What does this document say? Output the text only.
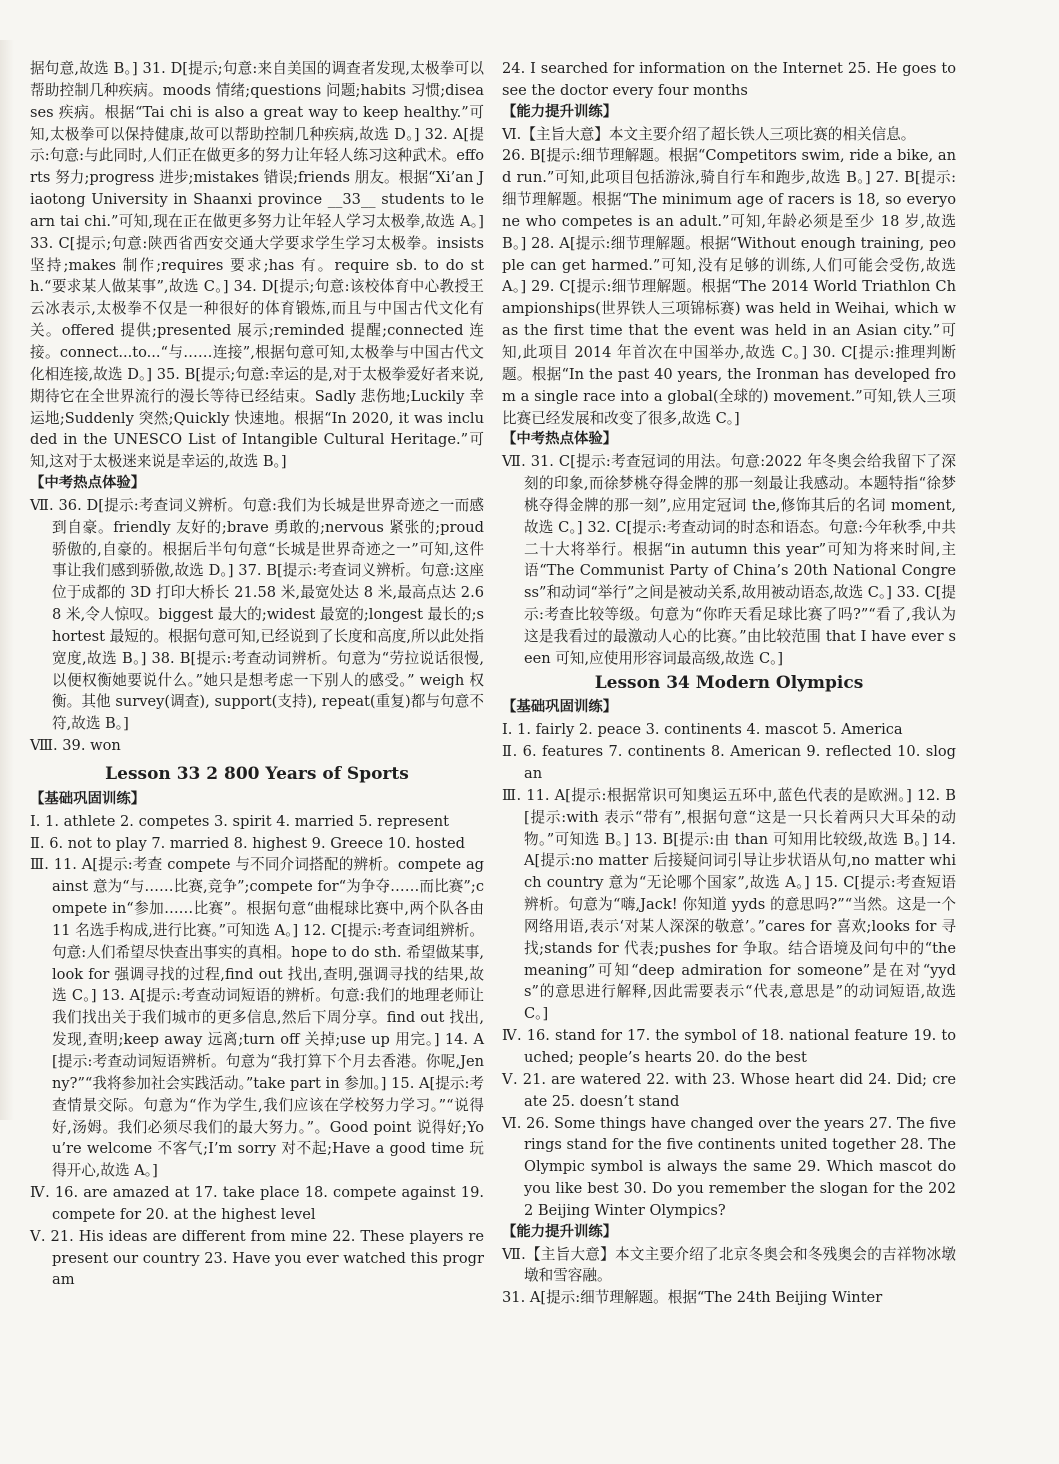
据句意,故选 B。] 31. D[提示;句意:来自美国的调查者发现,太极拳可以帮助控制几种疾病。moods 情绪;questions 问题;habits 习惯;diseases 疾病。根据“Tai chi is also a great way to keep healthy.”可知,太极拳可以保持健康,故可以帮助控制几种疾病,故选 D。] 32. A[提示:句意:与此同时,人们正在做更多的努力让年轻人练习这种武术。efforts 努力;progress 进步;mistakes 错误;friends 朋友。根据“Xi’an Jiaotong University in Shaanxi province __33__ students to learn tai chi.”可知,现在正在做更多努力让年轻人学习太极拳,故选 A。] 33. C[提示;句意:陕西省西安交通大学要求学生学习太极拳。insists 坚持;makes 制作;requires 要求;has 有。require sb. to do sth.“要求某人做某事”,故选 C。] 34. D[提示;句意:该校体育中心教授王云冰表示,太极拳不仅是一种很好的体育锻炼,而且与中国古代文化有关。offered 提供;presented 展示;reminded 提醒;connected 连接。connect...to...“与……连接”,根据句意可知,太极拳与中国古代文化相连接,故选 D。] 35. B[提示;句意:幸运的是,对于太极拳爱好者来说,期待它在全世界流行的漫长等待已经结束。Sadly 悲伤地;Luckily 幸运地;Suddenly 突然;Quickly 快速地。根据“In 2020, it was included in the UNESCO List of Intangible Cultural Heritage.”可知,这对于太极迷来说是幸运的,故选 B。]

【中考热点体验】

Ⅶ. 36. D[提示:考查词义辨析。句意:我们为长城是世界奇迹之一而感到自豪。friendly 友好的;brave 勇敢的;nervous 紧张的;proud 骄傲的,自豪的。根据后半句句意“长城是世界奇迹之一”可知,这件事让我们感到骄傲,故选 D。] 37. B[提示:考查词义辨析。句意:这座位于成都的 3D 打印大桥长 21.58 米,最宽处达 8 米,最高点达 2.68 米,令人惊叹。biggest 最大的;widest 最宽的;longest 最长的;shortest 最短的。根据句意可知,已经说到了长度和高度,所以此处指宽度,故选 B。] 38. B[提示:考查动词辨析。句意为“劳拉说话很慢,以便权衡她要说什么。”她只是想考虑一下别人的感受。” weigh 权衡。其他 survey(调查), support(支持), repeat(重复)都与句意不符,故选 B。]

Ⅷ. 39. won

Lesson 33 2 800 Years of Sports

【基础巩固训练】

Ⅰ. 1. athlete 2. competes 3. spirit 4. married 5. represent

Ⅱ. 6. not to play 7. married 8. highest 9. Greece 10. hosted

Ⅲ. 11. A[提示:考查 compete 与不同介词搭配的辨析。compete against 意为“与……比赛,竞争”;compete for“为争夺……而比赛”;compete in“参加……比赛”。根据句意“曲棍球比赛中,两个队各由 11 名选手构成,进行比赛。”可知选 A。] 12. C[提示:考查词组辨析。句意:人们希望尽快查出事实的真相。hope to do sth. 希望做某事,look for 强调寻找的过程,find out 找出,查明,强调寻找的结果,故选 C。] 13. A[提示:考查动词短语的辨析。句意:我们的地理老师让我们找出关于我们城市的更多信息,然后下周分享。find out 找出,发现,查明;keep away 远离;turn off 关掉;use up 用完。] 14. A[提示:考查动词短语辨析。句意为“我打算下个月去香港。你呢,Jenny?”“我将参加社会实践活动。”take part in 参加。] 15. A[提示:考查情景交际。句意为“作为学生,我们应该在学校努力学习。”“说得好,汤姆。我们必须尽我们的最大努力。”。Good point 说得好;You’re welcome 不客气;I’m sorry 对不起;Have a good time 玩得开心,故选 A。]

Ⅳ. 16. are amazed at 17. take place 18. compete against 19. compete for 20. at the highest level

Ⅴ. 21. His ideas are different from mine 22. These players represent our country 23. Have you ever watched this program

24. I searched for information on the Internet 25. He goes to see the doctor every four months

【能力提升训练】

Ⅵ.【主旨大意】本文主要介绍了超长铁人三项比赛的相关信息。

26. B[提示:细节理解题。根据“Competitors swim, ride a bike, and run.”可知,此项目包括游泳,骑自行车和跑步,故选 B。] 27. B[提示:细节理解题。根据“The minimum age of racers is 18, so everyone who competes is an adult.”可知,年龄必须是至少 18 岁,故选 B。] 28. A[提示:细节理解题。根据“Without enough training, people can get harmed.”可知,没有足够的训练,人们可能会受伤,故选 A。] 29. C[提示:细节理解题。根据“The 2014 World Triathlon Championships(世界铁人三项锦标赛) was held in Weihai, which was the first time that the event was held in an Asian city.”可知,此项目 2014 年首次在中国举办,故选 C。] 30. C[提示:推理判断题。根据“In the past 40 years, the Ironman has developed from a single race into a global(全球的) movement.”可知,铁人三项比赛已经发展和改变了很多,故选 C。]

【中考热点体验】

Ⅶ. 31. C[提示:考查冠词的用法。句意:2022 年冬奥会给我留下了深刻的印象,而徐梦桃夺得金牌的那一刻最让我感动。本题特指“徐梦桃夺得金牌的那一刻”,应用定冠词 the,修饰其后的名词 moment,故选 C。] 32. C[提示:考查动词的时态和语态。句意:今年秋季,中共二十大将举行。根据“in autumn this year”可知为将来时间,主语“The Communist Party of China’s 20th National Congress”和动词“举行”之间是被动关系,故用被动语态,故选 C。] 33. C[提示:考查比较等级。句意为“你昨天看足球比赛了吗?”“看了,我认为这是我看过的最激动人心的比赛。”由比较范围 that I have ever seen 可知,应使用形容词最高级,故选 C。]

Lesson 34 Modern Olympics

【基础巩固训练】

Ⅰ. 1. fairly 2. peace 3. continents 4. mascot 5. America

Ⅱ. 6. features 7. continents 8. American 9. reflected 10. slogan

Ⅲ. 11. A[提示:根据常识可知奥运五环中,蓝色代表的是欧洲。] 12. B[提示:with 表示“带有”,根据句意“这是一只长着两只大耳朵的动物。”可知选 B。] 13. B[提示:由 than 可知用比较级,故选 B。] 14. A[提示:no matter 后接疑问词引导让步状语从句,no matter which country 意为“无论哪个国家”,故选 A。] 15. C[提示:考查短语辨析。句意为“嗨,Jack! 你知道 yyds 的意思吗?”“当然。这是一个网络用语,表示‘对某人深深的敬意’。”cares for 喜欢;looks for 寻找;stands for 代表;pushes for 争取。结合语境及问句中的“the meaning”可知“deep admiration for someone”是在对“yyds”的意思进行解释,因此需要表示“代表,意思是”的动词短语,故选 C。]

Ⅳ. 16. stand for 17. the symbol of 18. national feature 19. touched; people’s hearts 20. do the best

Ⅴ. 21. are watered 22. with 23. Whose heart did 24. Did; create 25. doesn’t stand

Ⅵ. 26. Some things have changed over the years 27. The five rings stand for the five continents united together 28. The Olympic symbol is always the same 29. Which mascot do you like best 30. Do you remember the slogan for the 2022 Beijing Winter Olympics?

【能力提升训练】

Ⅶ.【主旨大意】本文主要介绍了北京冬奥会和冬残奥会的吉祥物冰墩墩和雪容融。

31. A[提示:细节理解题。根据“The 24th Beijing Winter
